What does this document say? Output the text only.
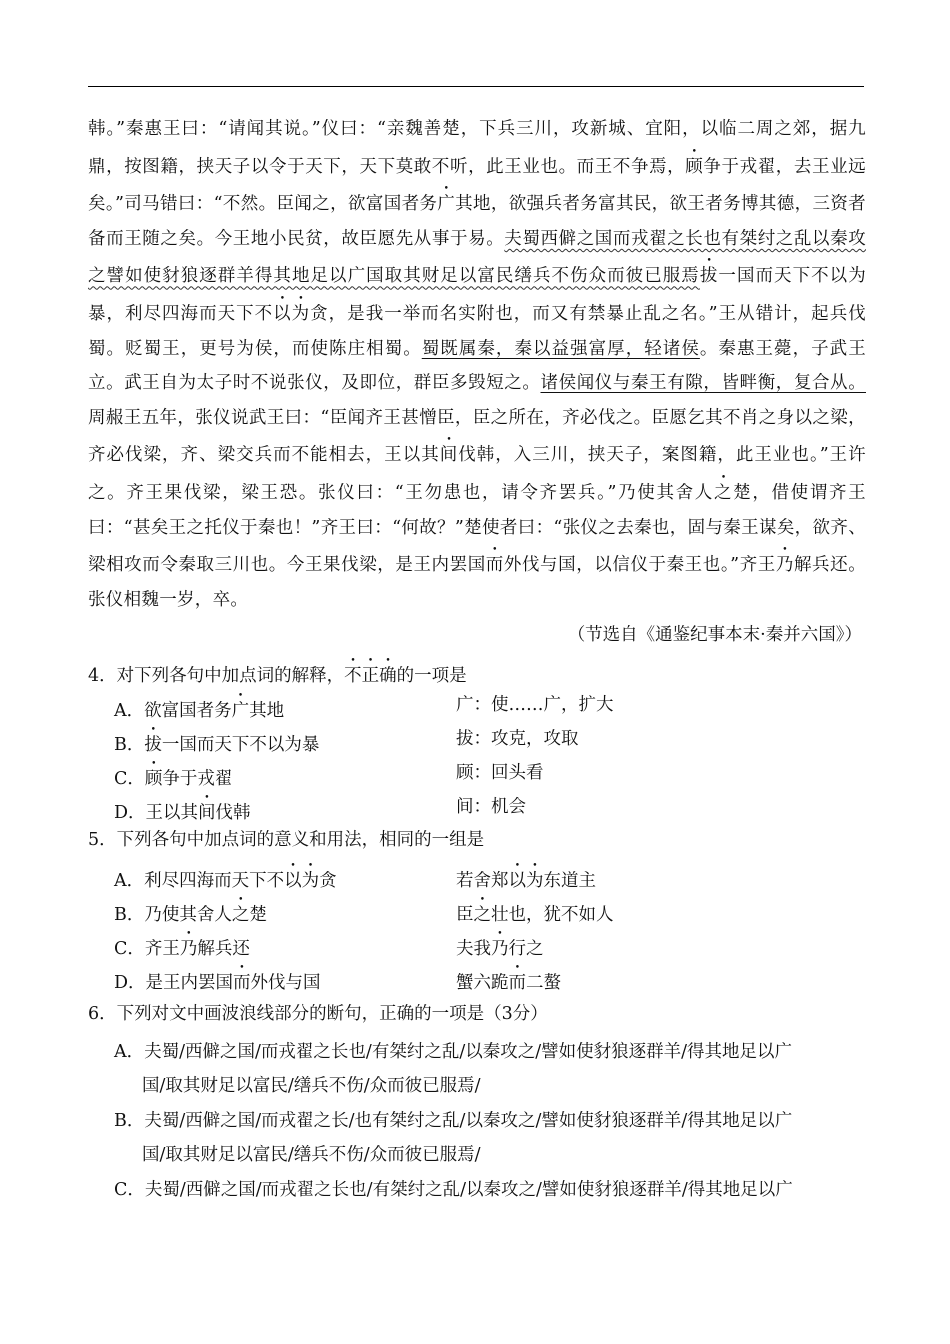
韩。”秦惠王曰：“请闻其说。”仪曰：“亲魏善楚，下兵三川，攻新城、宜阳，以临二周之郊，据九鼎，按图籍，挟天子以令于天下，天下莫敢不听，此王业也。而王不争焉，顾争于戎翟，去王业远矣。”司马错曰：“不然。臣闻之，欲富国者务广其地，欲强兵者务富其民，欲王者务博其德，三资者备而王随之矣。今王地小民贫，故臣愿先从事于易。夫蜀西僻之国而戎翟之长也有桀纣之乱以秦攻之譬如使豺狼逐群羊得其地足以广国取其财足以富民缮兵不伤众而彼已服焉拔一国而天下不以为暴，利尽四海而天下不以为贪，是我一举而名实附也，而又有禁暴止乱之名。”王从错计，起兵伐蜀。贬蜀王，更号为侯，而使陈庄相蜀。蜀既属秦，秦以益强富厚，轻诸侯。秦惠王薨，子武王立。武王自为太子时不说张仪，及即位，群臣多毁短之。诸侯闻仪与秦王有隙，皆畔衡，复合从。周赧王五年，张仪说武王曰：“臣闻齐王甚憎臣，臣之所在，齐必伐之。臣愿乞其不肖之身以之梁，齐必伐梁，齐、梁交兵而不能相去，王以其间伐韩，入三川，挟天子，案图籍，此王业也。”王许之。齐王果伐梁，梁王恐。张仪曰：“王勿患也，请令齐罢兵。”乃使其舍人之楚，借使谓齐王曰：“甚矣王之托仪于秦也！”齐王曰：“何故？”楚使者曰：“张仪之去秦也，固与秦王谋矣，欲齐、梁相攻而令秦取三川也。今王果伐梁，是王内罢国而外伐与国，以信仪于秦王也。”齐王乃解兵还。张仪相魏一岁，卒。
（节选自《通鉴纪事本末·秦并六国》）
4．对下列各句中加点词的解释，不正确的一项是
A．欲富国者务广其地	广：使……广，扩大
B．拔一国而天下不以为暴	拔：攻克，攻取
C．顾争于戎翟	顾：回头看
D．王以其间伐韩	间：机会
5．下列各句中加点词的意义和用法，相同的一组是
A．利尽四海而天下不以为贪	若舍郑以为东道主
B．乃使其舍人之楚	臣之壮也，犹不如人
C．齐王乃解兵还	夫我乃行之
D．是王内罢国而外伐与国	蟹六跪而二螯
6．下列对文中画波浪线部分的断句，正确的一项是（3分）
A．夫蜀/西僻之国/而戎翟之长也/有桀纣之乱/以秦攻之/譬如使豺狼逐群羊/得其地足以广
国/取其财足以富民/缮兵不伤/众而彼已服焉/
B．夫蜀/西僻之国/而戎翟之长/也有桀纣之乱/以秦攻之/譬如使豺狼逐群羊/得其地足以广
国/取其财足以富民/缮兵不伤/众而彼已服焉/
C．夫蜀/西僻之国/而戎翟之长也/有桀纣之乱/以秦攻之/譬如使豺狼逐群羊/得其地足以广
